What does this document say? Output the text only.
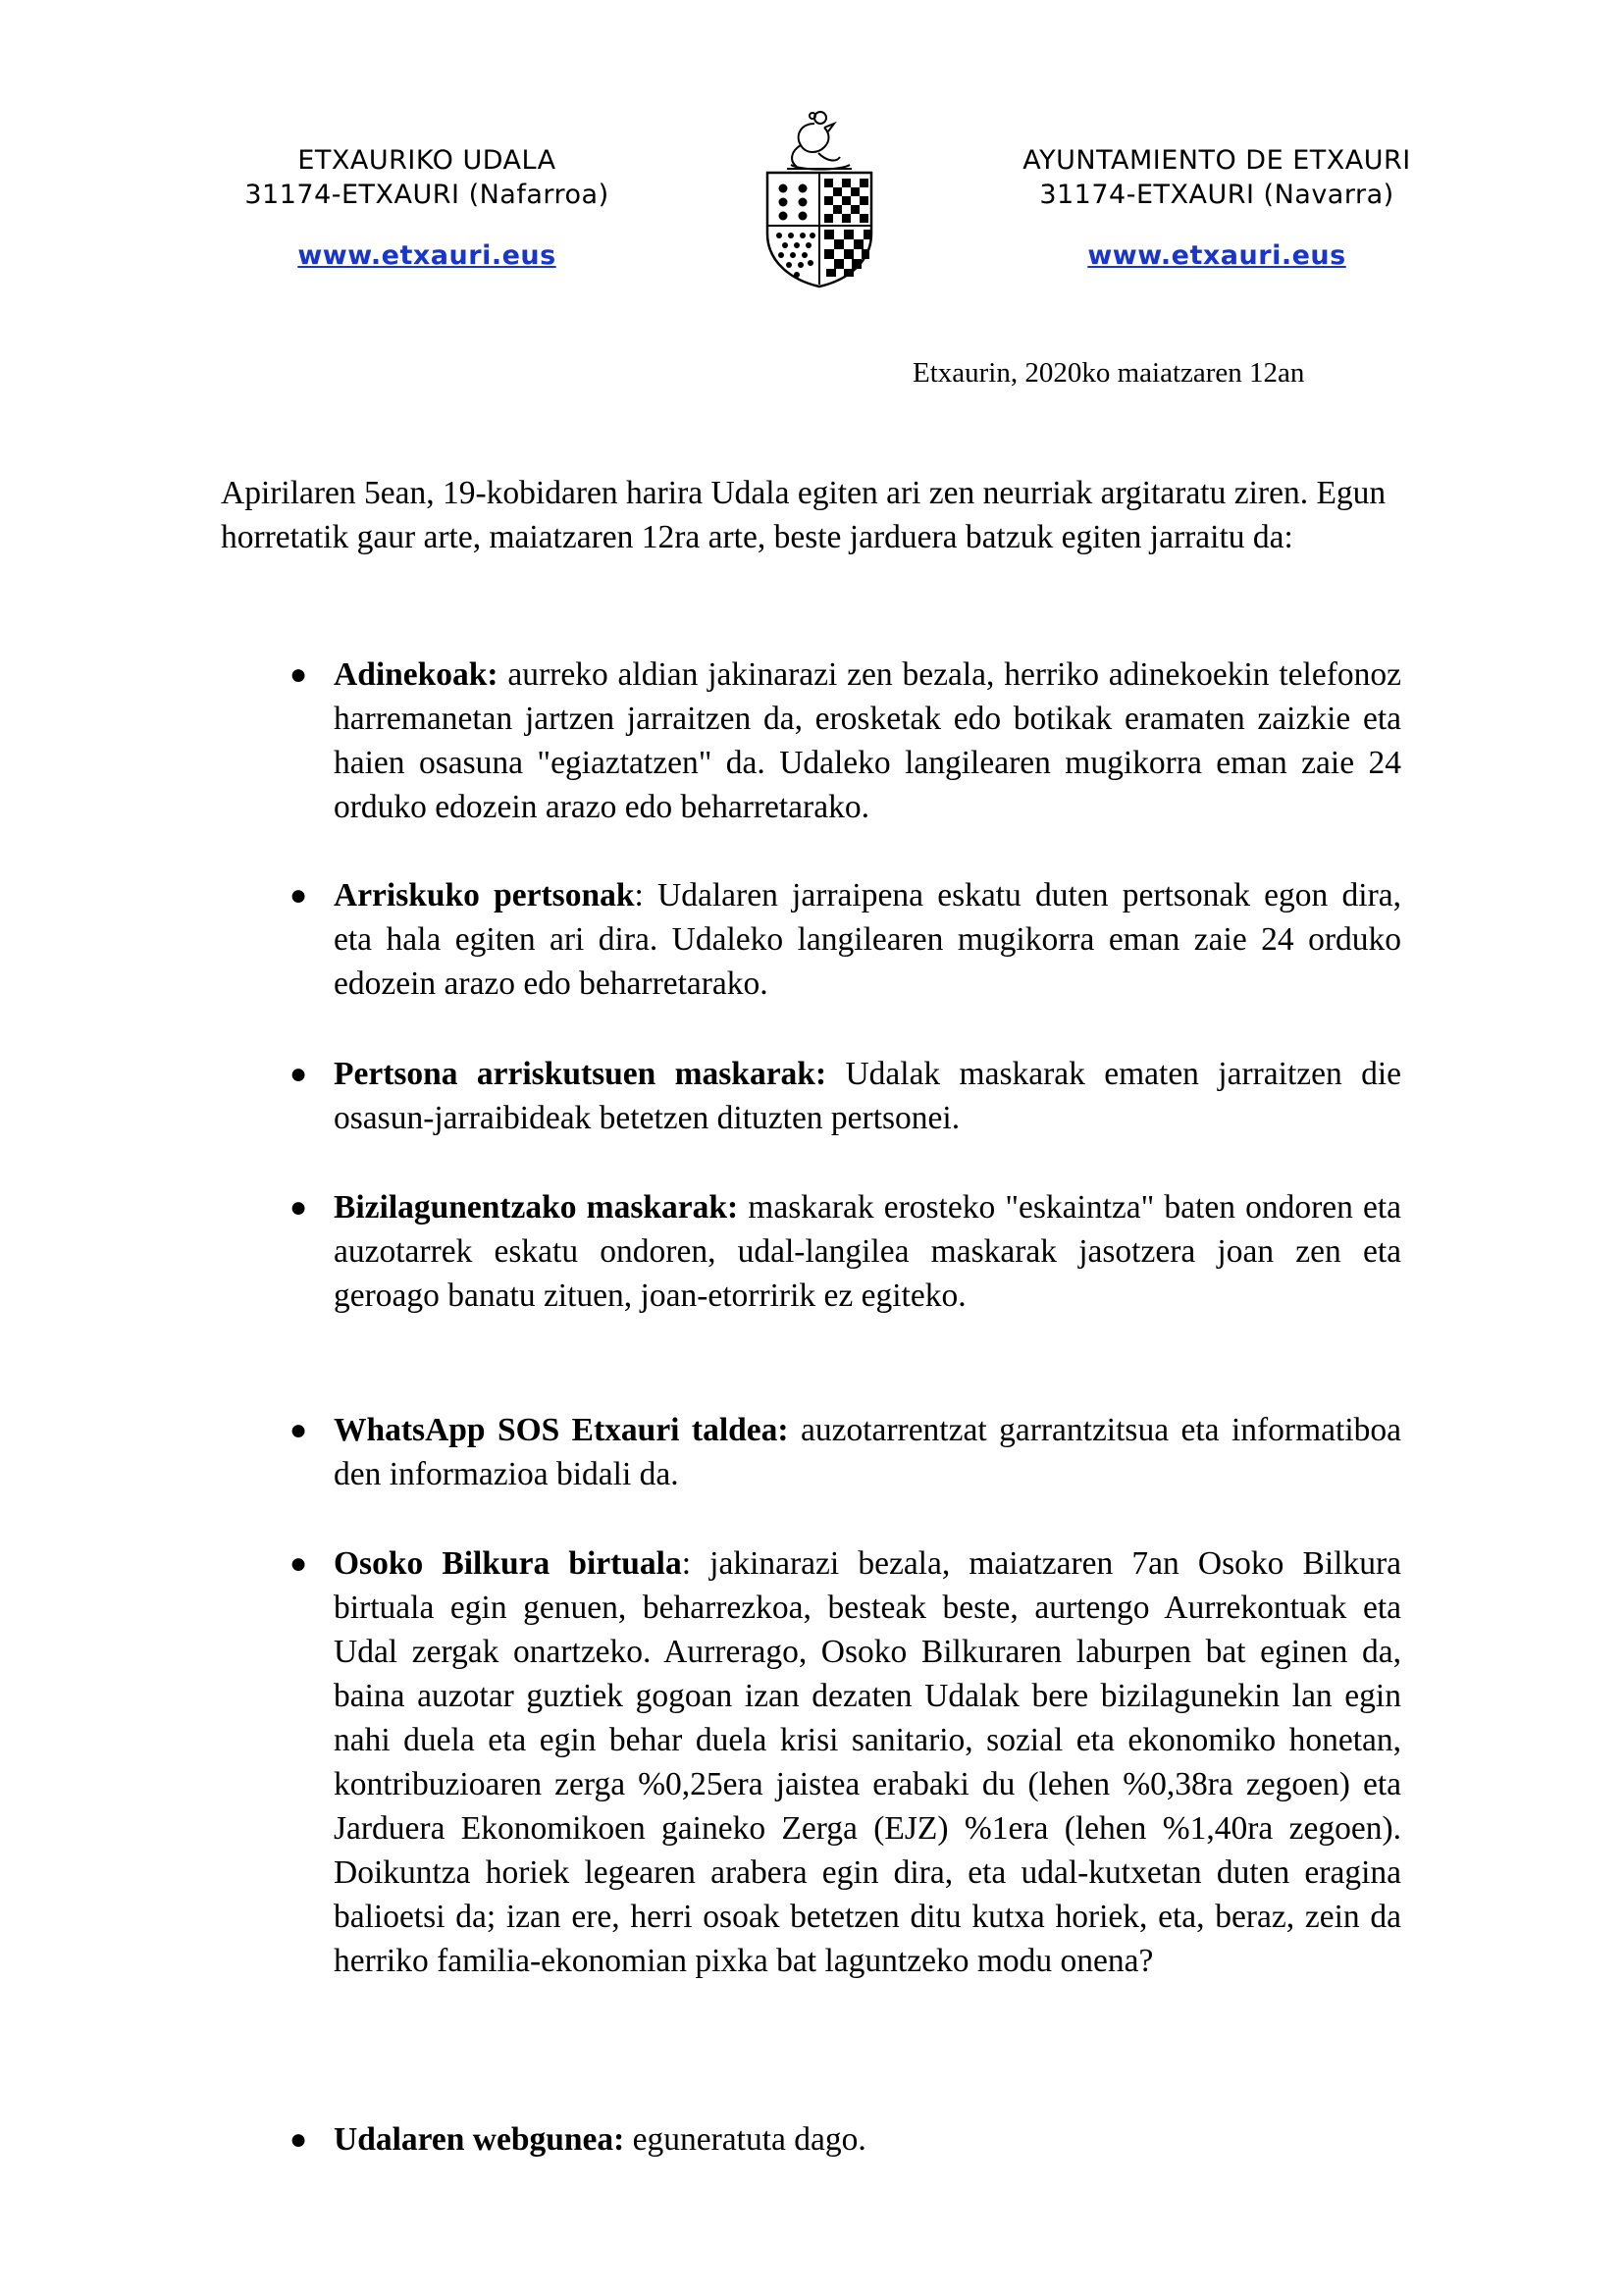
ETXAURIKO UDALA
31174-ETXAURI (Nafarroa)
www.etxauri.eus
AYUNTAMIENTO DE ETXAURI
31174-ETXAURI (Navarra)
www.etxauri.eus
Etxaurin, 2020ko maiatzaren 12an
Apirilaren 5ean, 19-kobidaren harira Udala egiten ari zen neurriak argitaratu ziren. Egun horretatik gaur arte, maiatzaren 12ra arte, beste jarduera batzuk egiten jarraitu da:
● Adinekoak: aurreko aldian jakinarazi zen bezala, herriko adinekoekin telefonoz harremanetan jartzen jarraitzen da, erosketak edo botikak eramaten zaizkie eta haien osasuna "egiaztatzen" da. Udaleko langilearen mugikorra eman zaie 24 orduko edozein arazo edo beharretarako.
● Arriskuko pertsonak: Udalaren jarraipena eskatu duten pertsonak egon dira, eta hala egiten ari dira. Udaleko langilearen mugikorra eman zaie 24 orduko edozein arazo edo beharretarako.
● Pertsona arriskutsuen maskarak: Udalak maskarak ematen jarraitzen die osasun-jarraibideak betetzen dituzten pertsonei.
● Bizilagunentzako maskarak: maskarak erosteko "eskaintza" baten ondoren eta auzotarrek eskatu ondoren, udal-langilea maskarak jasotzera joan zen eta geroago banatu zituen, joan-etorririk ez egiteko.
● WhatsApp SOS Etxauri taldea: auzotarrentzat garrantzitsua eta informatiboa den informazioa bidali da.
● Osoko Bilkura birtuala: jakinarazi bezala, maiatzaren 7an Osoko Bilkura birtuala egin genuen, beharrezkoa, besteak beste, aurtengo Aurrekontuak eta Udal zergak onartzeko. Aurrerago, Osoko Bilkuraren laburpen bat eginen da, baina auzotar guztiek gogoan izan dezaten Udalak bere bizilagunekin lan egin nahi duela eta egin behar duela krisi sanitario, sozial eta ekonomiko honetan, kontribuzioaren zerga %0,25era jaistea erabaki du (lehen %0,38ra zegoen) eta Jarduera Ekonomikoen gaineko Zerga (EJZ) %1era (lehen %1,40ra zegoen). Doikuntza horiek legearen arabera egin dira, eta udal-kutxetan duten eragina balioetsi da; izan ere, herri osoak betetzen ditu kutxa horiek, eta, beraz, zein da herriko familia-ekonomian pixka bat laguntzeko modu onena?
● Udalaren webgunea: eguneratuta dago.
